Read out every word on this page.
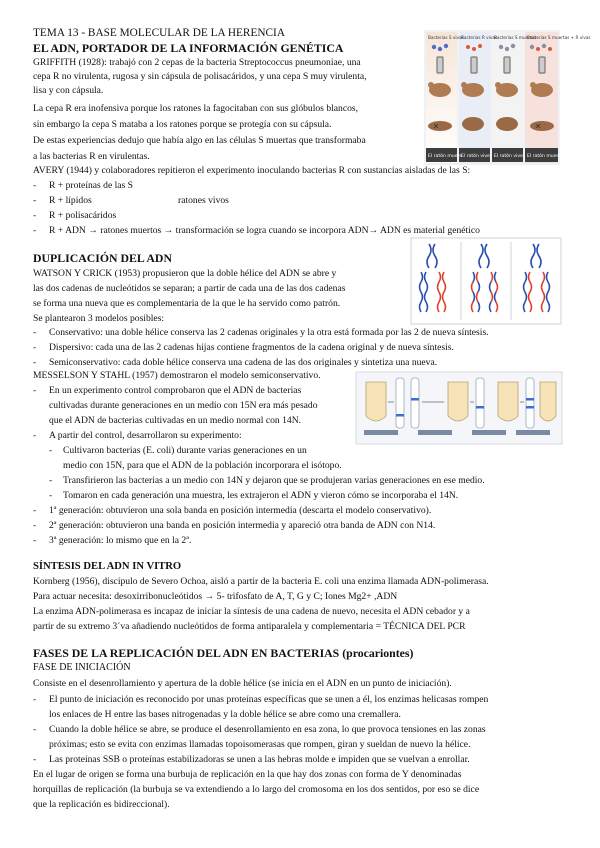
TEMA 13 - BASE MOLECULAR DE LA HERENCIA
EL ADN, PORTADOR DE LA INFORMACIÓN GENÉTICA
GRIFFITH (1928): trabajó con 2 cepas de la bacteria Streptococcus pneumoniae, una
cepa R no virulenta, rugosa y sin cápsula de polisacáridos, y una cepa S muy virulenta,
lisa y con cápsula.
La cepa R era inofensiva porque los ratones la fagocitaban con sus glóbulos blancos,
sin embargo la cepa S mataba a los ratones porque se protegía con su cápsula.
De estas experiencias dedujo que había algo en las células S muertas que transformaba
a las bacterias R en virulentas.
Bacterias S vivas
Bacterias R vivas
Bacterias S muertas
Bacterias S muertas + R vivas
El ratón muere
El ratón vive El ratón vive El ratón muere
AVERY (1944) y colaboradores repitieron el experimento inoculando bacterias R con sustancias aisladas de las S:
- R + proteínas de las S
- R + lípidos	ratones vivos
- R + polisacáridos
- R + ADN → ratones muertos → transformación se logra cuando se incorpora ADN→ ADN es material genético
DUPLICACIÓN DEL ADN
WATSON Y CRICK (1953) propusieron que la doble hélice del ADN se abre y
las dos cadenas de nucleótidos se separan; a partir de cada una de las dos cadenas
se forma una nueva que es complementaria de la que le ha servido como patrón.
Se plantearon 3 modelos posibles:
- Conservativo: una doble hélice conserva las 2 cadenas originales y la otra está formada por las 2 de nueva síntesis.
- Dispersivo: cada una de las 2 cadenas hijas contiene fragmentos de la cadena original y de nueva síntesis.
- Semiconservativo: cada doble hélice conserva una cadena de las dos originales y sintetiza una nueva.
MESSELSON Y STAHL (1957) demostraron el modelo semiconservativo.
- En un experimento control comprobaron que el ADN de bacterias
cultivadas durante generaciones en un medio con 15N era más pesado
que el ADN de bacterias cultivadas en un medio normal con 14N.
- A partir del control, desarrollaron su experimento:
- Cultivaron bacterias (E. coli) durante varias generaciones en un
medio con 15N, para que el ADN de la población incorporara el isótopo.
- Transfirieron las bacterias a un medio con 14N y dejaron que se produjeran varias generaciones en ese medio.
- Tomaron en cada generación una muestra, les extrajeron el ADN y vieron cómo se incorporaba el 14N.
- 1ª generación: obtuvieron una sola banda en posición intermedia (descarta el modelo conservativo).
- 2ª generación: obtuvieron una banda en posición intermedia y apareció otra banda de ADN con N14.
- 3ª generación: lo mismo que en la 2ª.
SÍNTESIS DEL ADN IN VITRO
Kornberg (1956), discípulo de Severo Ochoa, aisló a partir de la bacteria E. coli una enzima llamada ADN-polimerasa.
Para actuar necesita: desoxirribonucleótidos → 5- trifosfato de A, T, G y C; Iones Mg2+ ,ADN
La enzima ADN-polimerasa es incapaz de iniciar la síntesis de una cadena de nuevo, necesita el ADN cebador y a
partir de su extremo 3´va añadiendo nucleótidos de forma antiparalela y complementaria = TÉCNICA DEL PCR
FASES DE LA REPLICACIÓN DEL ADN EN BACTERIAS (procariontes)
FASE DE INICIACIÓN
Consiste en el desenrollamiento y apertura de la doble hélice (se inicia en el ADN en un punto de iniciación).
- El punto de iniciación es reconocido por unas proteínas específicas que se unen a él, los enzimas helicasas rompen
los enlaces de H entre las bases nitrogenadas y la doble hélice se abre como una cremallera.
- Cuando la doble hélice se abre, se produce el desenrollamiento en esa zona, lo que provoca tensiones en las zonas
próximas; esto se evita con enzimas llamadas topoisomerasas que rompen, giran y sueldan de nuevo la hélice.
- Las proteínas SSB o proteínas estabilizadoras se unen a las hebras molde e impiden que se vuelvan a enrollar.
En el lugar de origen se forma una burbuja de replicación en la que hay dos zonas con forma de Y denominadas
horquillas de replicación (la burbuja se va extendiendo a lo largo del cromosoma en los dos sentidos, por eso se dice
que la replicación es bidireccional).
